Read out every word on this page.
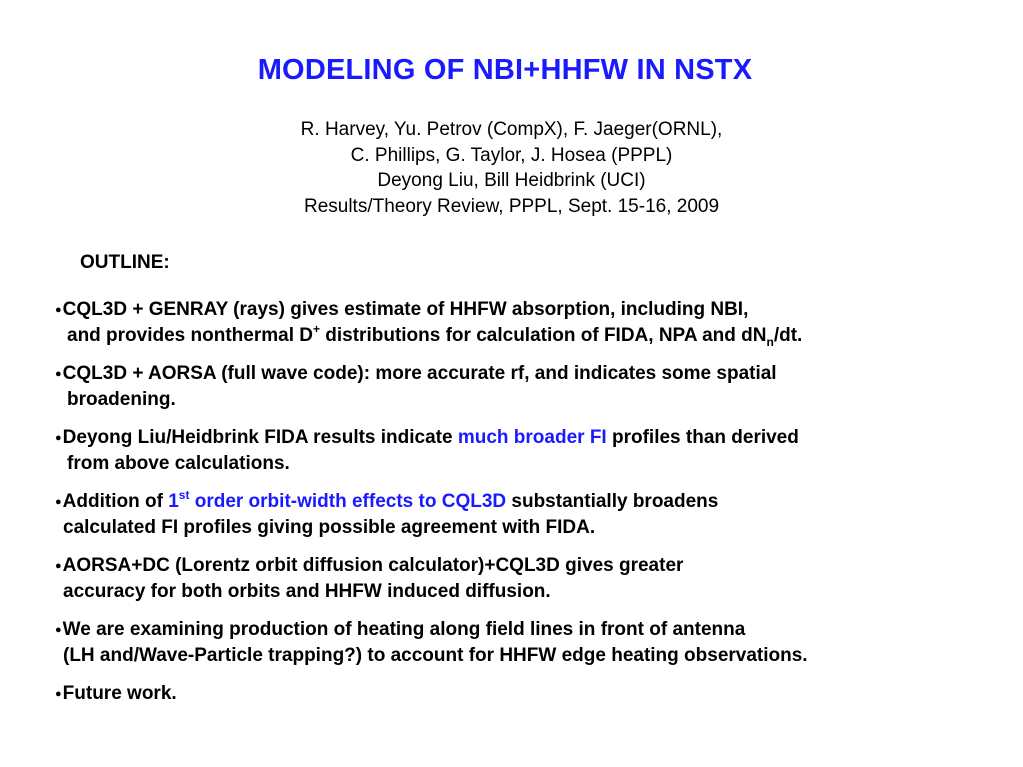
MODELING OF NBI+HHFW IN NSTX
R. Harvey, Yu. Petrov (CompX), F. Jaeger(ORNL),
C. Phillips, G. Taylor, J. Hosea (PPPL)
Deyong Liu, Bill Heidbrink (UCI)
Results/Theory Review, PPPL, Sept. 15-16, 2009
OUTLINE:
●CQL3D + GENRAY (rays) gives estimate of HHFW absorption, including NBI,
and provides nonthermal D+ distributions for calculation of FIDA, NPA and $dN_n/dt$.
●CQL3D + AORSA (full wave code): more accurate rf, and indicates some spatial
broadening.
●Deyong Liu/Heidbrink FIDA results indicate much broader FI profiles than derived
from above calculations.
●Addition of 1st order orbit-width effects to CQL3D substantially broadens
calculated FI profiles giving possible agreement with FIDA.
●AORSA+DC (Lorentz orbit diffusion calculator)+CQL3D gives greater
accuracy for both orbits and HHFW induced diffusion.
●We are examining production of heating along field lines in front of antenna
(LH and/Wave-Particle trapping?) to account for HHFW edge heating observations.
●Future work.
